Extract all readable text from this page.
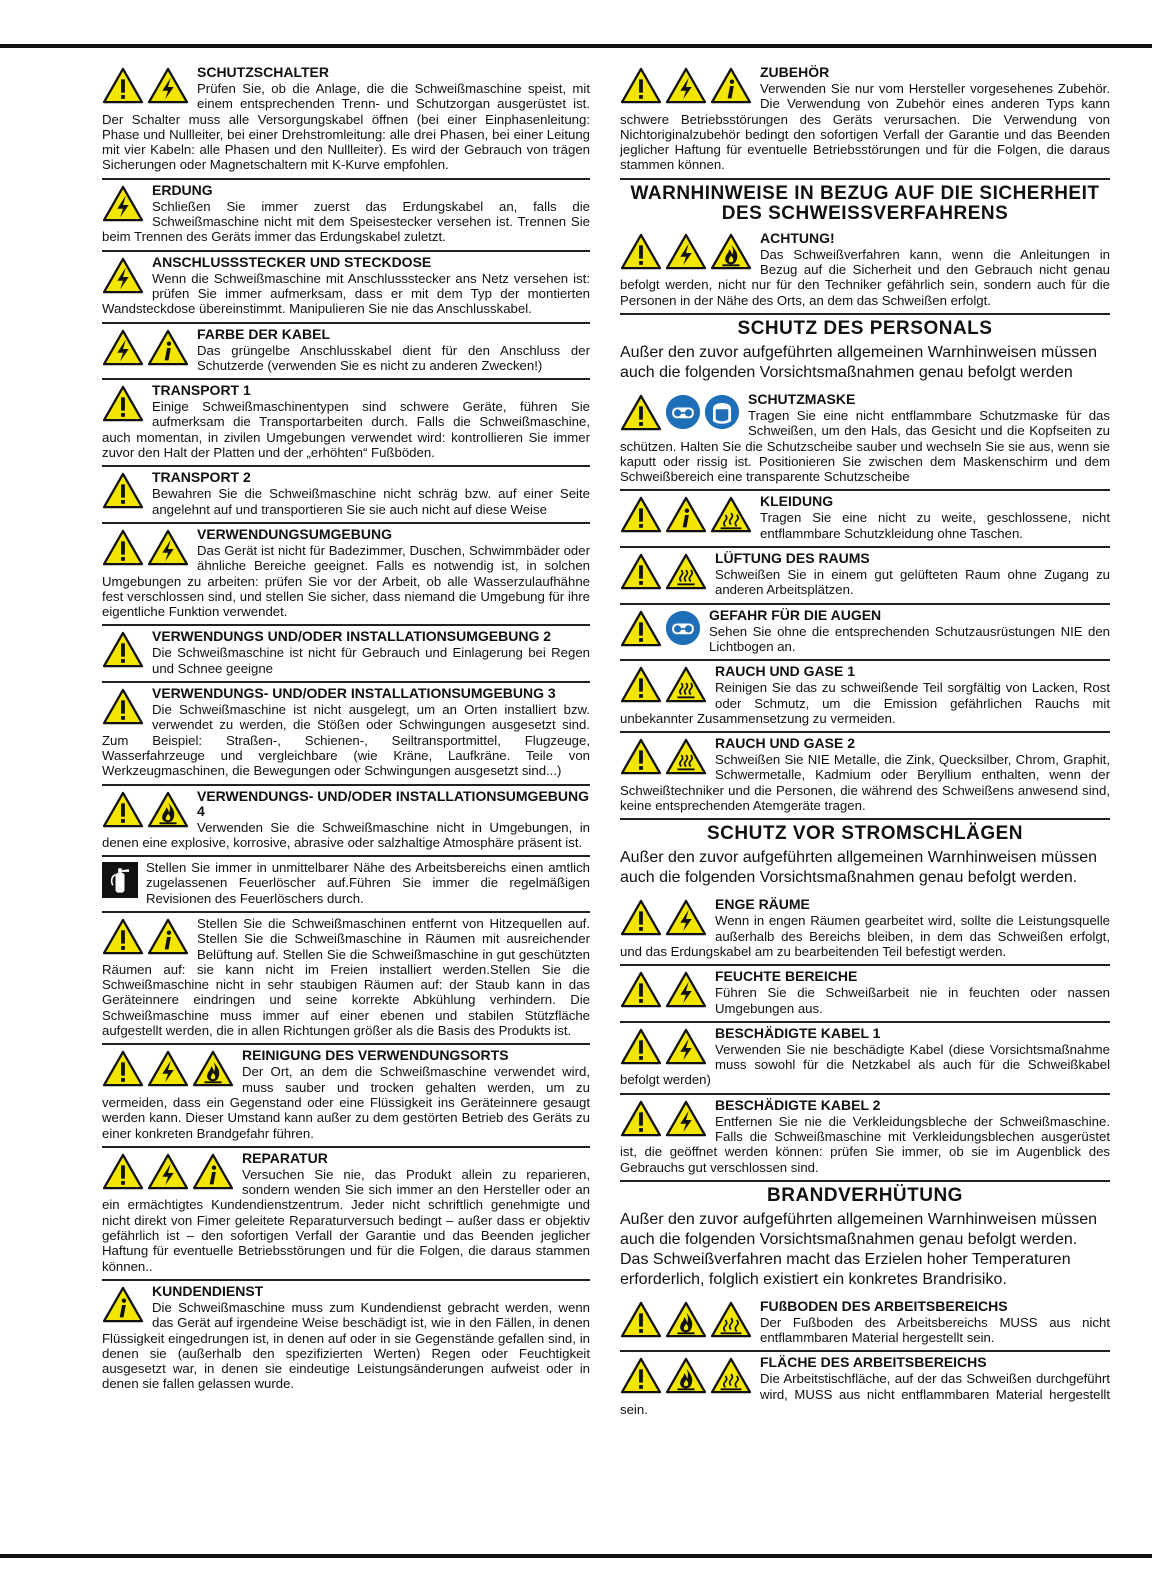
SCHUTZSCHALTER

Prüfen Sie, ob die Anlage, die die Schweißmaschine speist, mit einem entsprechenden Trenn- und Schutzorgan ausgerüstet ist. Der Schalter muss alle Versorgungskabel öffnen (bei einer Einphasenleitung: Phase und Nullleiter, bei einer Drehstromleitung: alle drei Phasen, bei einer Leitung mit vier Kabeln: alle Phasen und den Nullleiter). Es wird der Gebrauch von trägen Sicherungen oder Magnetschaltern mit K-Kurve empfohlen.

ERDUNG

Schließen Sie immer zuerst das Erdungskabel an, falls die Schweißmaschine nicht mit dem Speisestecker versehen ist. Trennen Sie beim Trennen des Geräts immer das Erdungskabel zuletzt.

ANSCHLUSSSTECKER UND STECKDOSE

Wenn die Schweißmaschine mit Anschlussstecker ans Netz versehen ist: prüfen Sie immer aufmerksam, dass er mit dem Typ der montierten Wandsteckdose übereinstimmt. Manipulieren Sie nie das Anschlusskabel.

FARBE DER KABEL

Das grüngelbe Anschlusskabel dient für den Anschluss der Schutzerde (verwenden Sie es nicht zu anderen Zwecken!)

TRANSPORT 1

Einige Schweißmaschinentypen sind schwere Geräte, führen Sie aufmerksam die Transportarbeiten durch. Falls die Schweißmaschine, auch momentan, in zivilen Umgebungen verwendet wird: kontrollieren Sie immer zuvor den Halt der Platten und der „erhöhten“ Fußböden.

TRANSPORT 2

Bewahren Sie die Schweißmaschine nicht schräg bzw. auf einer Seite angelehnt auf und transportieren Sie sie auch nicht auf diese Weise

VERWENDUNGSUMGEBUNG

Das Gerät ist nicht für Badezimmer, Duschen, Schwimmbäder oder ähnliche Bereiche geeignet. Falls es notwendig ist, in solchen Umgebungen zu arbeiten: prüfen Sie vor der Arbeit, ob alle Wasserzulaufhähne fest verschlossen sind, und stellen Sie sicher, dass niemand die Umgebung für ihre eigentliche Funktion verwendet.

VERWENDUNGS UND/ODER INSTALLATIONSUMGEBUNG 2

Die Schweißmaschine ist nicht für Gebrauch und Einlagerung bei Regen und Schnee geeigne

VERWENDUNGS- UND/ODER INSTALLATIONSUMGEBUNG 3

Die Schweißmaschine ist nicht ausgelegt, um an Orten installiert bzw. verwendet zu werden, die Stößen oder Schwingungen ausgesetzt sind. Zum Beispiel: Straßen-, Schienen-, Seiltransportmittel, Flugzeuge, Wasserfahrzeuge und vergleichbare (wie Kräne, Laufkräne. Teile von Werkzeugmaschinen, die Bewegungen oder Schwingungen ausgesetzt sind...)

VERWENDUNGS- UND/ODER INSTALLATIONSUMGEBUNG 4

Verwenden Sie die Schweißmaschine nicht in Umgebungen, in denen eine explosive, korrosive, abrasive oder salzhaltige Atmosphäre präsent ist.

Stellen Sie immer in unmittelbarer Nähe des Arbeitsbereichs einen amtlich zugelassenen Feuerlöscher auf.Führen Sie immer die regelmäßigen Revisionen des Feuerlöschers durch.

Stellen Sie die Schweißmaschinen entfernt von Hitzequellen auf. Stellen Sie die Schweißmaschine in Räumen mit ausreichender Belüftung auf. Stellen Sie die Schweißmaschine in gut geschützten Räumen auf: sie kann nicht im Freien installiert werden.Stellen Sie die Schweißmaschine nicht in sehr staubigen Räumen auf: der Staub kann in das Geräteinnere eindringen und seine korrekte Abkühlung verhindern. Die Schweißmaschine muss immer auf einer ebenen und stabilen Stützfläche aufgestellt werden, die in allen Richtungen größer als die Basis des Produkts ist.

REINIGUNG DES VERWENDUNGSORTS

Der Ort, an dem die Schweißmaschine verwendet wird, muss sauber und trocken gehalten werden, um zu vermeiden, dass ein Gegenstand oder eine Flüssigkeit ins Geräteinnere gesaugt werden kann. Dieser Umstand kann außer zu dem gestörten Betrieb des Geräts zu einer konkreten Brandgefahr führen.

REPARATUR

Versuchen Sie nie, das Produkt allein zu reparieren, sondern wenden Sie sich immer an den Hersteller oder an ein ermächtigtes Kundendienstzentrum. Jeder nicht schriftlich genehmigte und nicht direkt von Fimer geleitete Reparaturversuch bedingt – außer dass er objektiv gefährlich ist – den sofortigen Verfall der Garantie und das Beenden jeglicher Haftung für eventuelle Betriebsstörungen und für die Folgen, die daraus stammen können..

KUNDENDIENST

Die Schweißmaschine muss zum Kundendienst gebracht werden, wenn das Gerät auf irgendeine Weise beschädigt ist, wie in den Fällen, in denen Flüssigkeit eingedrungen ist, in denen auf oder in sie Gegenstände gefallen sind, in denen sie (außerhalb den spezifizierten Werten) Regen oder Feuchtigkeit ausgesetzt war, in denen sie eindeutige Leistungsänderungen aufweist oder in denen sie fallen gelassen wurde.

ZUBEHÖR

Verwenden Sie nur vom Hersteller vorgesehenes Zubehör. Die Verwendung von Zubehör eines anderen Typs kann schwere Betriebsstörungen des Geräts verursachen. Die Verwendung von Nichtoriginalzubehör bedingt den sofortigen Verfall der Garantie und das Beenden jeglicher Haftung für eventuelle Betriebsstörungen und für die Folgen, die daraus stammen können.

WARNHINWEISE IN BEZUG AUF DIE SICHERHEIT DES SCHWEISSVERFAHRENS
ACHTUNG!

Das Schweißverfahren kann, wenn die Anleitungen in Bezug auf die Sicherheit und den Gebrauch nicht genau befolgt werden, nicht nur für den Techniker gefährlich sein, sondern auch für die Personen in der Nähe des Orts, an dem das Schweißen erfolgt.

SCHUTZ DES PERSONALS

Außer den zuvor aufgeführten allgemeinen Warnhinweisen müssen auch die folgenden Vorsichtsmaßnahmen genau befolgt werden

SCHUTZMASKE

Tragen Sie eine nicht entflammbare Schutzmaske für das Schweißen, um den Hals, das Gesicht und die Kopfseiten zu schützen. Halten Sie die Schutzscheibe sauber und wechseln Sie sie aus, wenn sie kaputt oder rissig ist. Positionieren Sie zwischen dem Maskenschirm und dem Schweißbereich eine transparente Schutzscheibe

KLEIDUNG

Tragen Sie eine nicht zu weite, geschlossene, nicht entflammbare Schutzkleidung ohne Taschen.

LÜFTUNG DES RAUMS

Schweißen Sie in einem gut gelüfteten Raum ohne Zugang zu anderen Arbeitsplätzen.

GEFAHR FÜR DIE AUGEN

Sehen Sie ohne die entsprechenden Schutzausrüstungen NIE den Lichtbogen an.

RAUCH UND GASE 1

Reinigen Sie das zu schweißende Teil sorgfältig von Lacken, Rost oder Schmutz, um die Emission gefährlichen Rauchs mit unbekannter Zusammensetzung zu vermeiden.

RAUCH UND GASE 2

Schweißen Sie NIE Metalle, die Zink, Quecksilber, Chrom, Graphit, Schwermetalle, Kadmium oder Beryllium enthalten, wenn der Schweißtechniker und die Personen, die während des Schweißens anwesend sind, keine entsprechenden Atemgeräte tragen.

SCHUTZ VOR STROMSCHLÄGEN

Außer den zuvor aufgeführten allgemeinen Warnhinweisen müssen auch die folgenden Vorsichtsmaßnahmen genau befolgt werden.

ENGE RÄUME

Wenn in engen Räumen gearbeitet wird, sollte die Leistungsquelle außerhalb des Bereichs bleiben, in dem das Schweißen erfolgt, und das Erdungskabel am zu bearbeitenden Teil befestigt werden.

FEUCHTE BEREICHE

Führen Sie die Schweißarbeit nie in feuchten oder nassen Umgebungen aus.

BESCHÄDIGTE KABEL 1

Verwenden Sie nie beschädigte Kabel (diese Vorsichtsmaßnahme muss sowohl für die Netzkabel als auch für die Schweißkabel befolgt werden)

BESCHÄDIGTE KABEL 2

Entfernen Sie nie die Verkleidungsbleche der Schweißmaschine. Falls die Schweißmaschine mit Verkleidungsblechen ausgerüstet ist, die geöffnet werden können: prüfen Sie immer, ob sie im Augenblick des Gebrauchs gut verschlossen sind.

BRANDVERHÜTUNG

Außer den zuvor aufgeführten allgemeinen Warnhinweisen müssen auch die folgenden Vorsichtsmaßnahmen genau befolgt werden. Das Schweißverfahren macht das Erzielen hoher Temperaturen erforderlich, folglich existiert ein konkretes Brandrisiko.

FUßBODEN DES ARBEITSBEREICHS

Der Fußboden des Arbeitsbereichs MUSS aus nicht entflammbaren Material hergestellt sein.

FLÄCHE DES ARBEITSBEREICHS

Die Arbeitstischfläche, auf der das Schweißen durchgeführt wird, MUSS aus nicht entflammbaren Material hergestellt sein.
